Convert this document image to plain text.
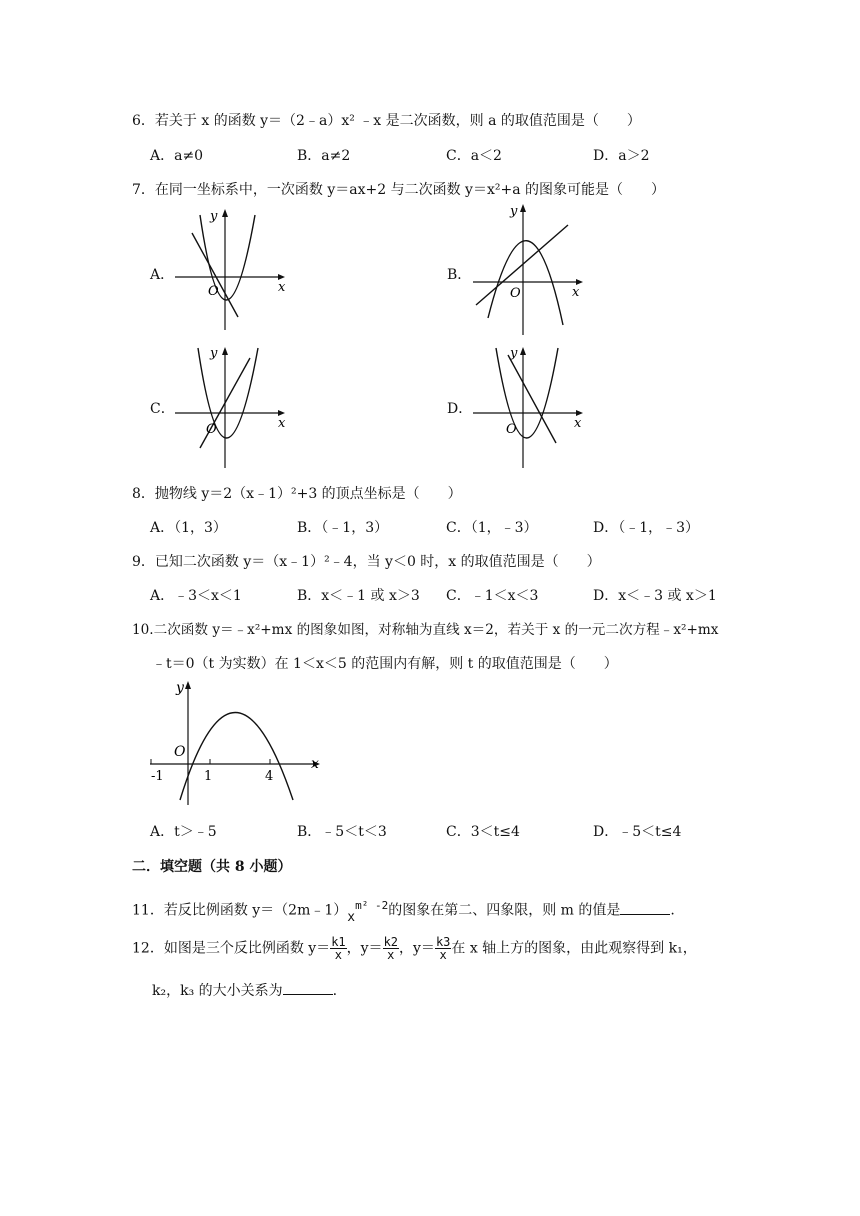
6．若关于 x 的函数 y＝（2﹣a）x² ﹣x 是二次函数，则 a 的取值范围是（　　）
A．a≠0	B．a≠2	C．a＜2	D．a＞2
7．在同一坐标系中，一次函数 y＝ax+2 与二次函数 y＝x²+a 的图象可能是（　　）
A．
y
x
O
B．
y
x
O
C．
y
x
O
D．
y
x
O
8．抛物线 y＝2（x﹣1）²+3 的顶点坐标是（　　）
A．（1，3）	B．（﹣1，3）	C．（1，﹣3）	D．（﹣1，﹣3）
9．已知二次函数 y＝（x﹣1）²﹣4，当 y＜0 时，x 的取值范围是（　　）
A．﹣3＜x＜1	B．x＜﹣1 或 x＞3 C．﹣1＜x＜3	D．x＜﹣3 或 x＞1
10.二次函数 y＝﹣x²+mx 的图象如图，对称轴为直线 x＝2，若关于 x 的一元二次方程﹣x²+mx
﹣t＝0（t 为实数）在 1＜x＜5 的范围内有解，则 t 的取值范围是（　　）
y
x
O
-1	1	4
A．t＞﹣5	B．﹣5＜t＜3	C．3＜t≤4	D．﹣5＜t≤4
二．填空题（共 8 小题）
11．若反比例函数 $y=(2m﹣1)x^{m^2 -2}$的图象在第二、四象限，则 m 的值是	.
12．如图是三个反比例函数 $y= \frac{k1}{x}$ ，$y= \frac{k2}{x}$ ，$y= \frac{k3}{x}$ 在 x 轴上方的图象，由此观察得到 k₁，
k₂，k₃ 的大小关系为	.
